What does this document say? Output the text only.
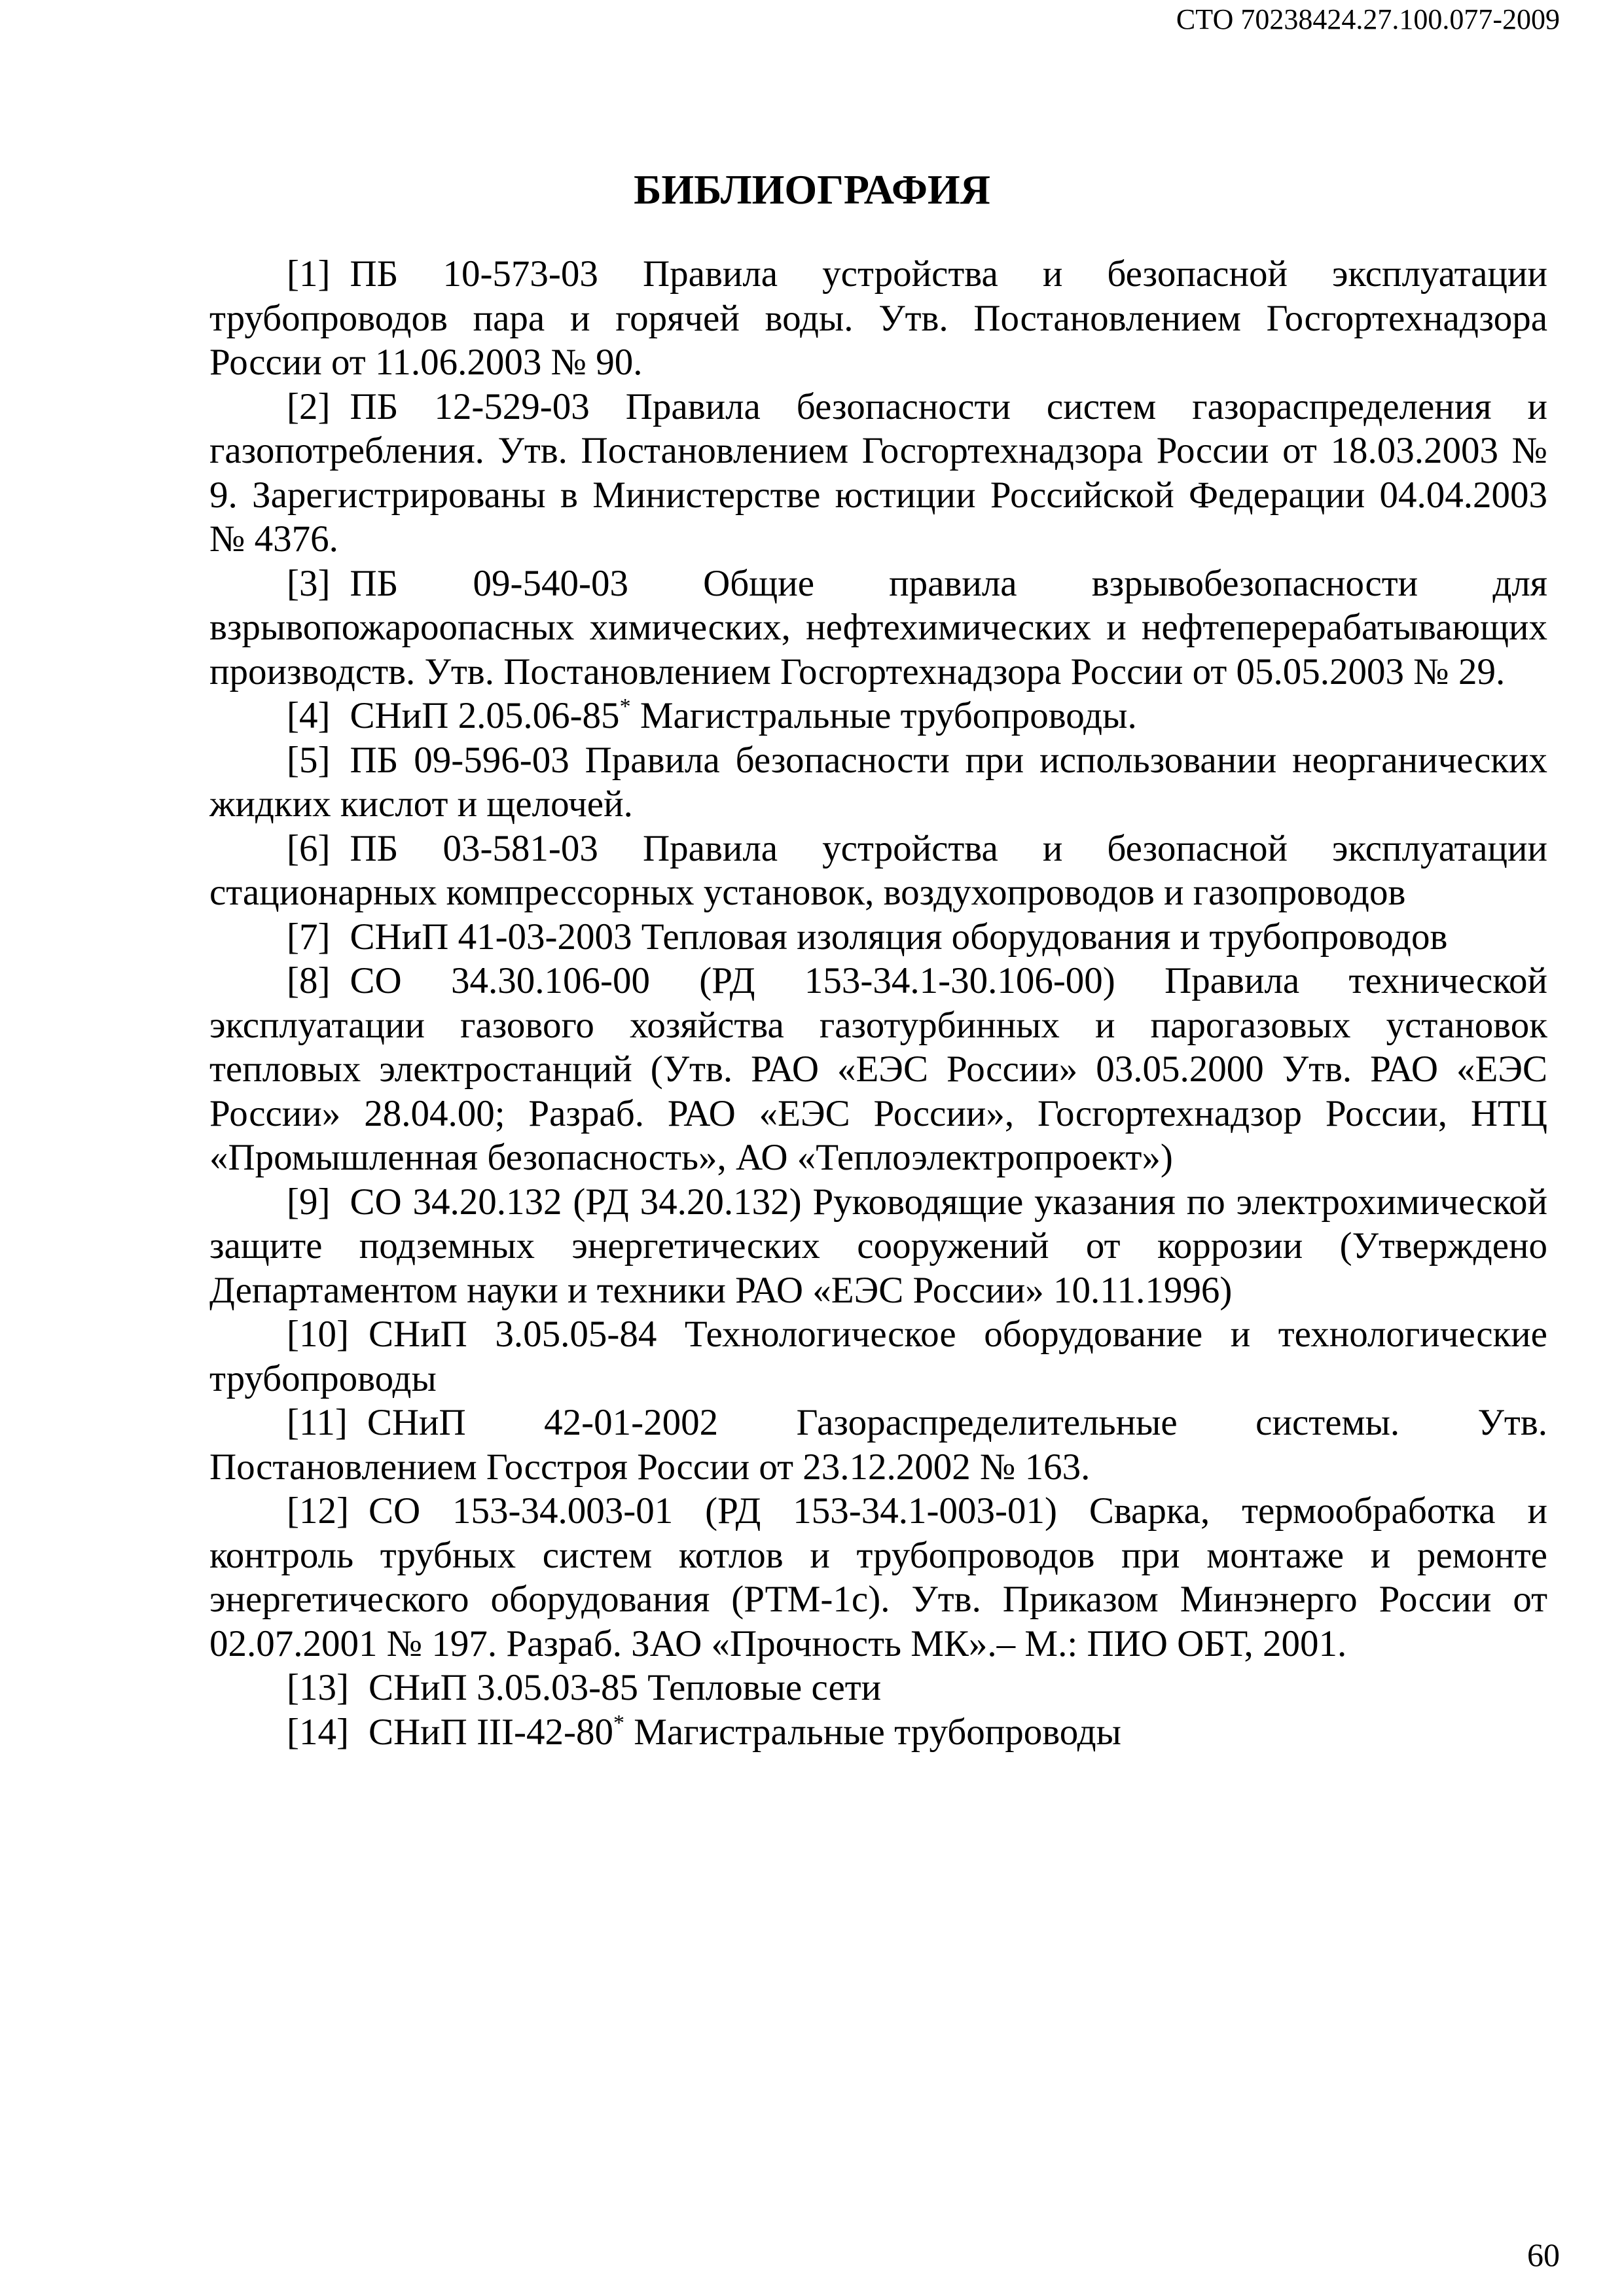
СТО 70238424.27.100.077-2009
БИБЛИОГРАФИЯ
[1] ПБ 10-573-03 Правила устройства и безопасной эксплуатации трубопроводов пара и горячей воды. Утв. Постановлением Госгортехнадзора России от 11.06.2003 № 90.
[2] ПБ 12-529-03 Правила безопасности систем газораспределения и газопотребления. Утв. Постановлением Госгортехнадзора России от 18.03.2003 № 9. Зарегистрированы в Министерстве юстиции Российской Федерации 04.04.2003 № 4376.
[3] ПБ 09-540-03 Общие правила взрывобезопасности для взрывопожароопасных химических, нефтехимических и нефтеперерабатывающих производств. Утв. Постановлением Госгортехнадзора России от 05.05.2003 № 29.
[4] СНиП 2.05.06-85* Магистральные трубопроводы.
[5] ПБ 09-596-03 Правила безопасности при использовании неорганических жидких кислот и щелочей.
[6] ПБ 03-581-03 Правила устройства и безопасной эксплуатации стационарных компрессорных установок, воздухопроводов и газопроводов
[7] СНиП 41-03-2003 Тепловая изоляция оборудования и трубопроводов
[8] СО 34.30.106-00 (РД 153-34.1-30.106-00) Правила технической эксплуатации газового хозяйства газотурбинных и парогазовых установок тепловых электростанций (Утв. РАО «ЕЭС России» 03.05.2000 Утв. РАО «ЕЭС России» 28.04.00; Разраб. РАО «ЕЭС России», Госгортехнадзор России, НТЦ «Промышленная безопасность», АО «Теплоэлектропроект»)
[9] СО 34.20.132 (РД 34.20.132) Руководящие указания по электрохимической защите подземных энергетических сооружений от коррозии (Утверждено Департаментом науки и техники РАО «ЕЭС России» 10.11.1996)
[10] СНиП 3.05.05-84 Технологическое оборудование и технологические трубопроводы
[11] СНиП 42-01-2002 Газораспределительные системы. Утв. Постановлением Госстроя России от 23.12.2002 № 163.
[12] СО 153-34.003-01 (РД 153-34.1-003-01) Сварка, термообработка и контроль трубных систем котлов и трубопроводов при монтаже и ремонте энергетического оборудования (РТМ-1с). Утв. Приказом Минэнерго России от 02.07.2001 № 197. Разраб. ЗАО «Прочность МК».– М.: ПИО ОБТ, 2001.
[13] СНиП 3.05.03-85 Тепловые сети
[14] СНиП III-42-80* Магистральные трубопроводы
60
